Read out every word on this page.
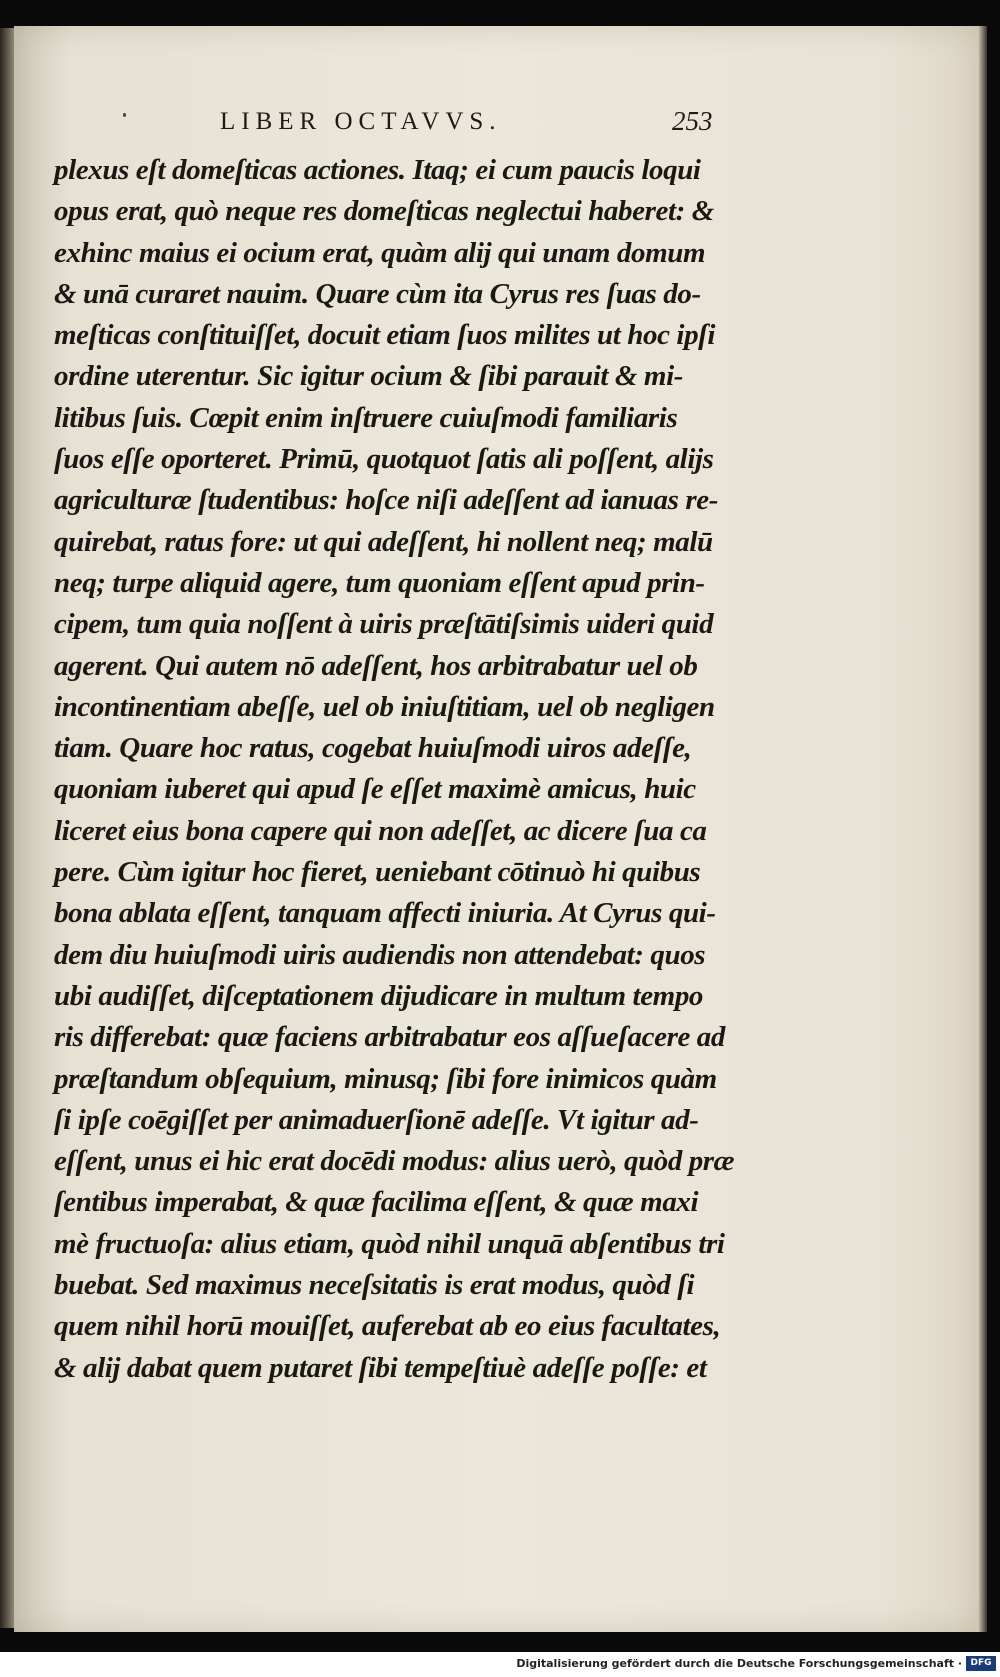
LIBER OCTAVVS.	253
plexus eſt domeſticas actiones. Itaq; ei cum paucis loqui
opus erat, quò neque res domeſticas neglectui haberet: &
exhinc maius ei ocium erat, quàm alij qui unam domum
& unā curaret nauim. Quare cùm ita Cyrus res ſuas do-
meſticas conſtituiſſet, docuit etiam ſuos milites ut hoc ipſi
ordine uterentur. Sic igitur ocium & ſibi parauit & mi-
litibus ſuis. Cœpit enim inſtruere cuiuſmodi familiaris
ſuos eſſe oporteret. Primū, quotquot ſatis ali poſſent, alijs
agriculturæ ſtudentibus: hoſce niſi adeſſent ad ianuas re-
quirebat, ratus fore: ut qui adeſſent, hi nollent neq; malū
neq; turpe aliquid agere, tum quoniam eſſent apud prin-
cipem, tum quia noſſent à uiris præſtātiſsimis uideri quid
agerent. Qui autem nō adeſſent, hos arbitrabatur uel ob
incontinentiam abeſſe, uel ob iniuſtitiam, uel ob negligen
tiam. Quare hoc ratus, cogebat huiuſmodi uiros adeſſe,
quoniam iuberet qui apud ſe eſſet maximè amicus, huic
liceret eius bona capere qui non adeſſet, ac dicere ſua ca
pere. Cùm igitur hoc fieret, ueniebant cōtinuò hi quibus
bona ablata eſſent, tanquam affecti iniuria. At Cyrus qui-
dem diu huiuſmodi uiris audiendis non attendebat: quos
ubi audiſſet, diſceptationem dijudicare in multum tempo
ris differebat: quæ faciens arbitrabatur eos aſſueſacere ad
præſtandum obſequium, minusq; ſibi fore inimicos quàm
ſi ipſe coēgiſſet per animaduerſionē adeſſe. Vt igitur ad-
eſſent, unus ei hic erat docēdi modus: alius uerò, quòd præ
ſentibus imperabat, & quæ facilima eſſent, & quæ maxi
mè fructuoſa: alius etiam, quòd nihil unquā abſentibus tri
buebat. Sed maximus neceſsitatis is erat modus, quòd ſi
quem nihil horū mouiſſet, auferebat ab eo eius facultates,
& alij dabat quem putaret ſibi tempeſtiuè adeſſe poſſe: et
Digitalisierung gefördert durch die Deutsche Forschungsgemeinschaft · DFG
